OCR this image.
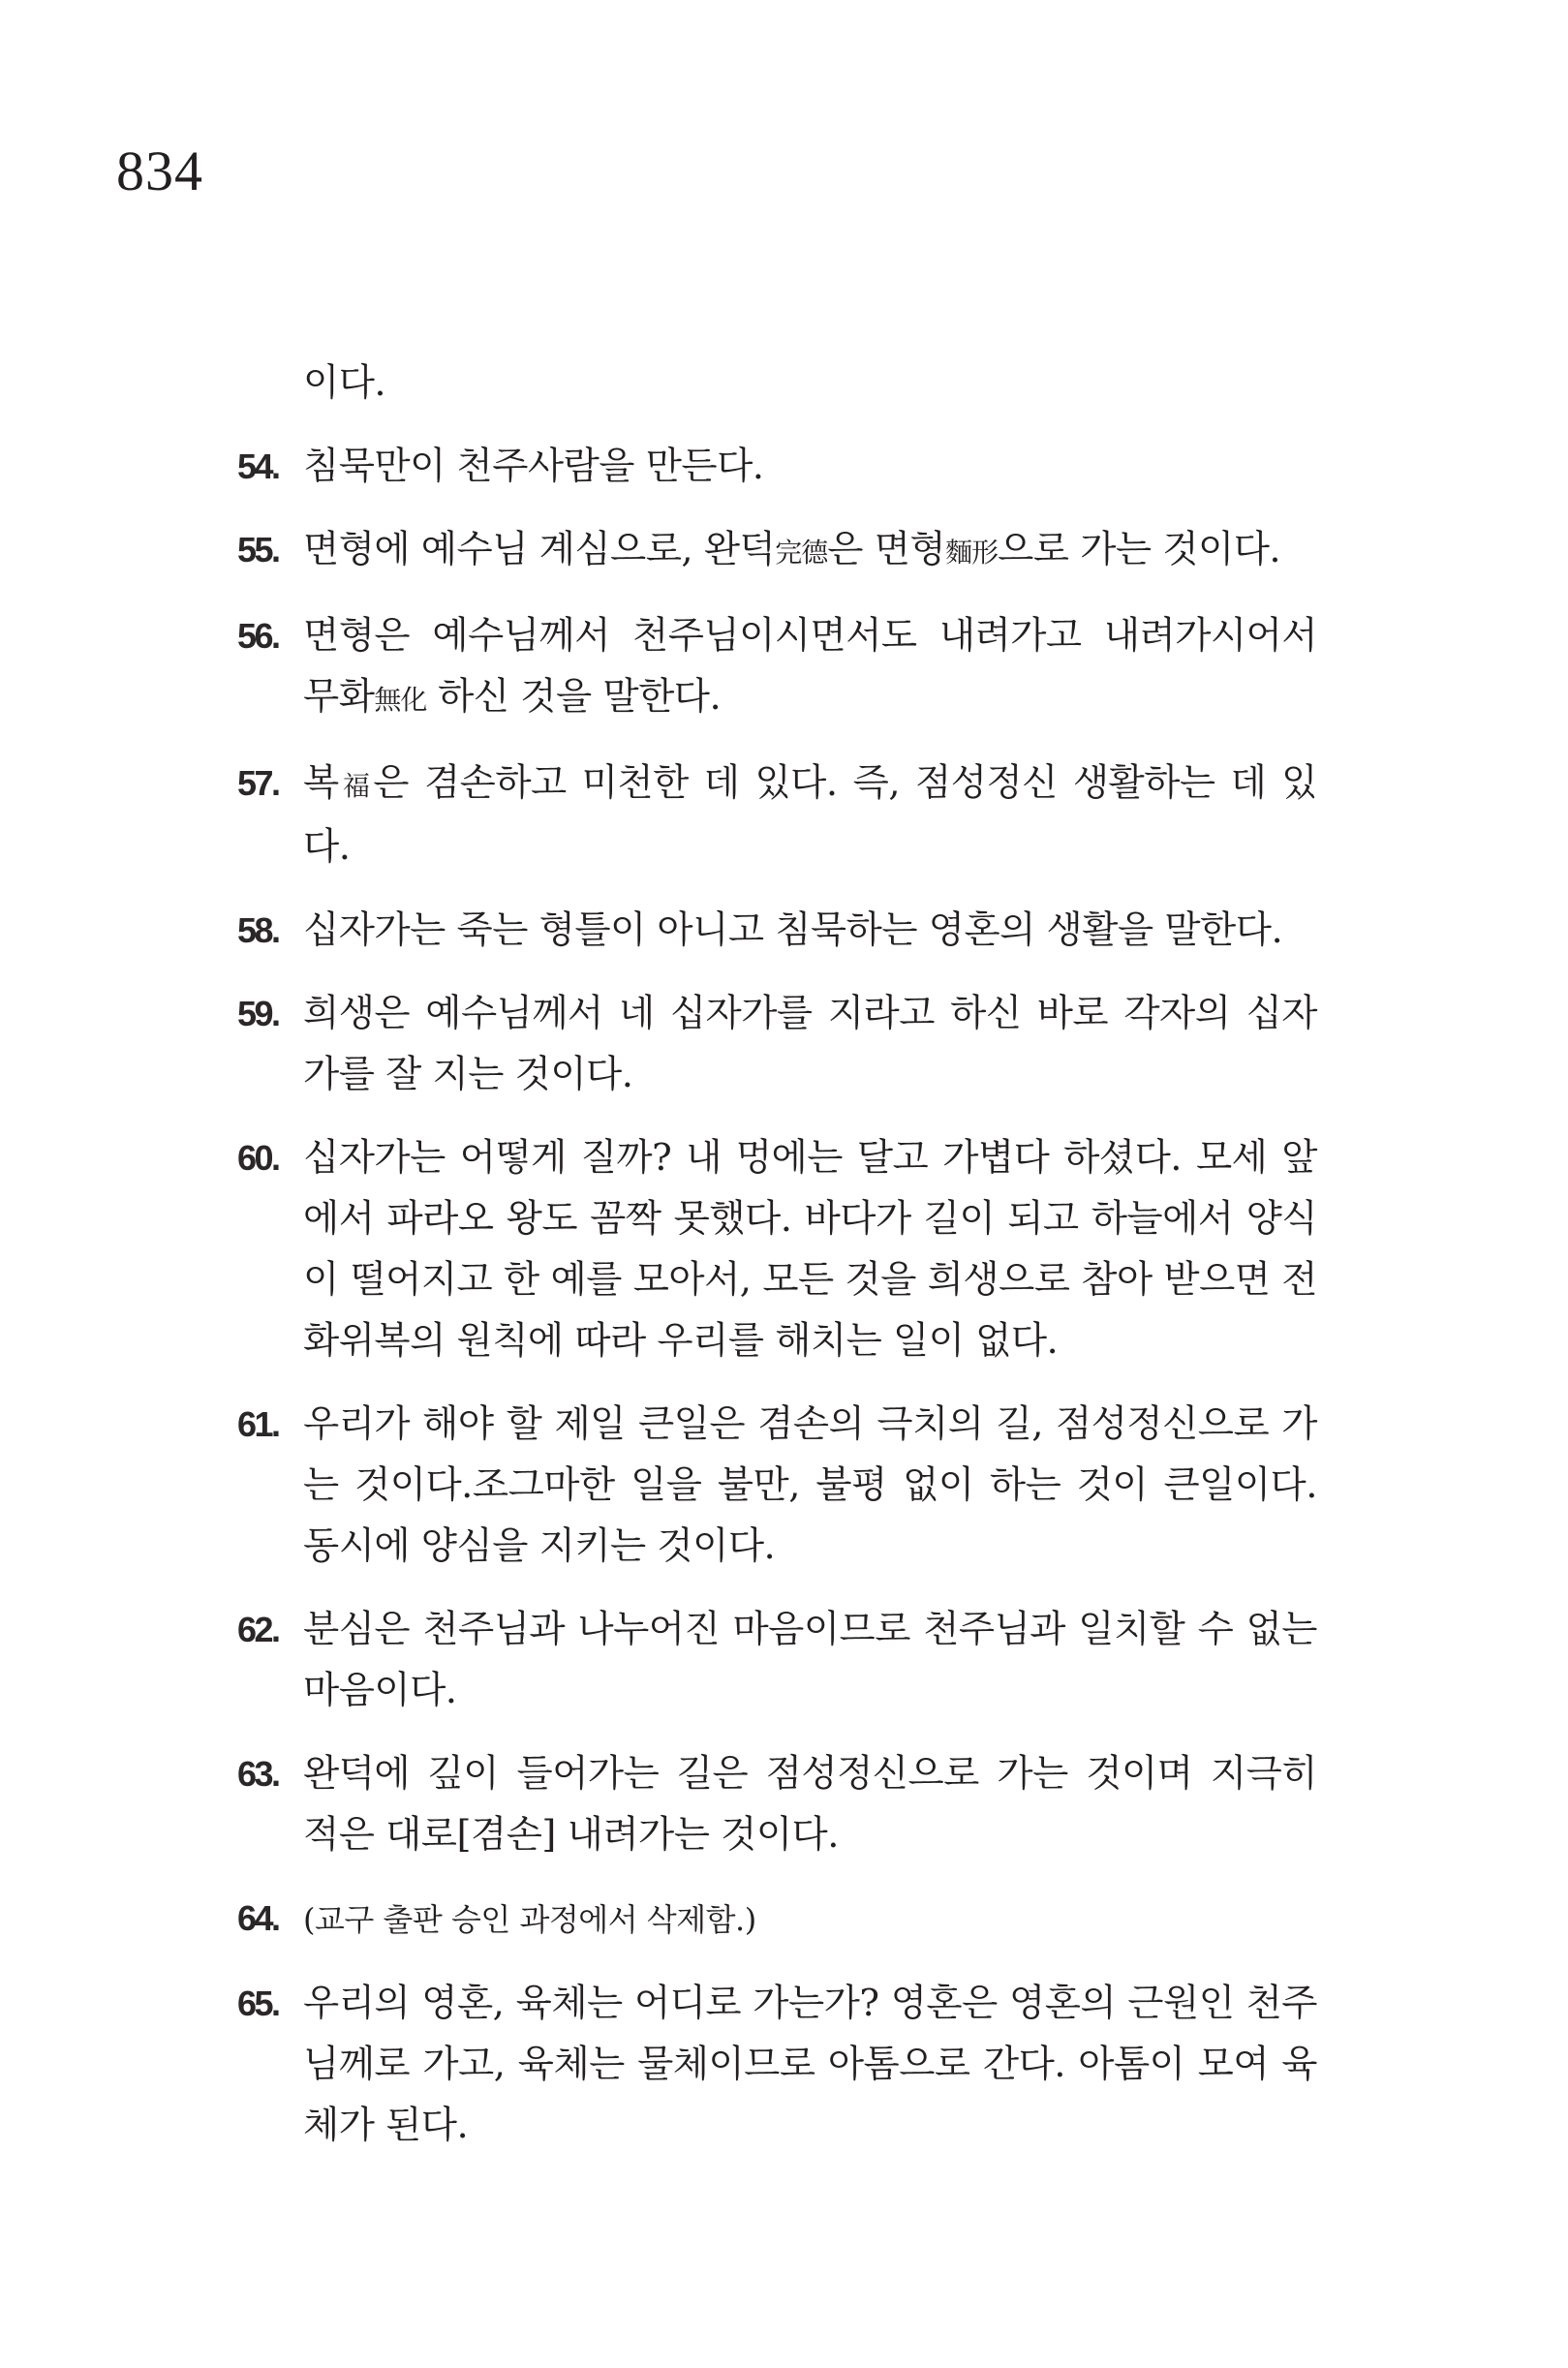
834
이다.
54. 침묵만이 천주사람을 만든다.
55. 면형에 예수님 계심으로, 완덕完德은 면형麵形으로 가는 것이다.
56. 면형은 예수님께서 천주님이시면서도 내려가고 내려가시어서 무화無化 하신 것을 말한다.
57. 복福은 겸손하고 미천한 데 있다. 즉, 점성정신 생활하는 데 있다.
58. 십자가는 죽는 형틀이 아니고 침묵하는 영혼의 생활을 말한다.
59. 희생은 예수님께서 네 십자가를 지라고 하신 바로 각자의 십자가를 잘 지는 것이다.
60. 십자가는 어떻게 질까? 내 멍에는 달고 가볍다 하셨다. 모세 앞에서 파라오 왕도 꼼짝 못했다. 바다가 길이 되고 하늘에서 양식이 떨어지고 한 예를 모아서, 모든 것을 희생으로 참아 받으면 전화위복의 원칙에 따라 우리를 해치는 일이 없다.
61. 우리가 해야 할 제일 큰일은 겸손의 극치의 길, 점성정신으로 가는 것이다.조그마한 일을 불만, 불평 없이 하는 것이 큰일이다. 동시에 양심을 지키는 것이다.
62. 분심은 천주님과 나누어진 마음이므로 천주님과 일치할 수 없는 마음이다.
63. 완덕에 깊이 들어가는 길은 점성정신으로 가는 것이며 지극히 적은 대로[겸손] 내려가는 것이다.
64. (교구 출판 승인 과정에서 삭제함.)
65. 우리의 영혼, 육체는 어디로 가는가? 영혼은 영혼의 근원인 천주님께로 가고, 육체는 물체이므로 아톰으로 간다. 아톰이 모여 육체가 된다.
